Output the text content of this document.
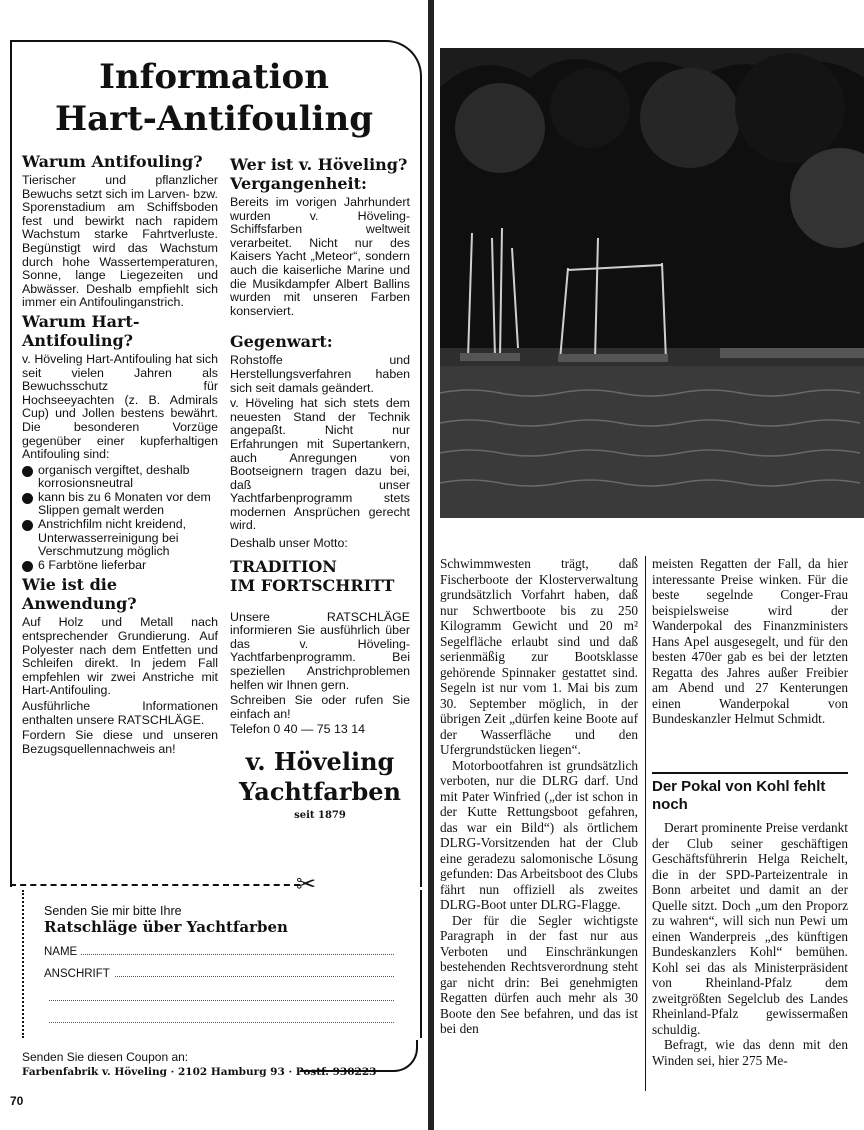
Information
Hart-Antifouling
Warum Antifouling?
Tierischer und pflanzlicher Bewuchs setzt sich im Larven- bzw. Sporenstadium am Schiffsboden fest und bewirkt nach rapidem Wachstum starke Fahrtverluste. Begünstigt wird das Wachstum durch hohe Wassertemperaturen, Sonne, lange Liegezeiten und Abwässer. Deshalb empfiehlt sich immer ein Antifoulinganstrich.
Warum Hart-Antifouling?
v. Höveling Hart-Antifouling hat sich seit vielen Jahren als Bewuchsschutz für Hochseeyachten (z. B. Admirals Cup) und Jollen bestens bewährt. Die besonderen Vorzüge gegenüber einer kupferhaltigen Antifouling sind:
organisch vergiftet, deshalb korrosionsneutral
kann bis zu 6 Monaten vor dem Slippen gemalt werden
Anstrichfilm nicht kreidend, Unterwasserreinigung bei Verschmutzung möglich
6 Farbtöne lieferbar
Wie ist die Anwendung?
Auf Holz und Metall nach entsprechender Grundierung. Auf Polyester nach dem Entfetten und Schleifen direkt. In jedem Fall empfehlen wir zwei Anstriche mit Hart-Antifouling.
Ausführliche Informationen enthalten unsere RATSCHLÄGE.
Fordern Sie diese und unseren Bezugsquellennachweis an!
Wer ist v. Höveling? Vergangenheit:
Bereits im vorigen Jahrhundert wurden v. Höveling-Schiffsfarben weltweit verarbeitet. Nicht nur des Kaisers Yacht „Meteor“, sondern auch die kaiserliche Marine und die Musikdampfer Albert Ballins wurden mit unseren Farben konserviert.
Gegenwart:
Rohstoffe und Herstellungsverfahren haben sich seit damals geändert.
v. Höveling hat sich stets dem neuesten Stand der Technik angepaßt. Nicht nur Erfahrungen mit Supertankern, auch Anregungen von Bootseignern tragen dazu bei, daß unser Yachtfarbenprogramm stets modernen Ansprüchen gerecht wird.
Deshalb unser Motto:
TRADITION
IM FORTSCHRITT
Unsere RATSCHLÄGE informieren Sie ausführlich über das v. Höveling-Yachtfarbenprogramm. Bei speziellen Anstrichproblemen helfen wir Ihnen gern.
Schreiben Sie oder rufen Sie einfach an!
Telefon 0 40 — 75 13 14
v. Höveling
Yachtfarben
seit 1879
✂
Senden Sie mir bitte Ihre
Ratschläge über Yachtfarben
NAME
ANSCHRIFT
Senden Sie diesen Coupon an:
Farbenfabrik v. Höveling · 2102 Hamburg 93 · Postf. 930223
70

Schwimmwesten trägt, daß Fischerboote der Klosterverwaltung grundsätzlich Vorfahrt haben, daß nur Schwertboote bis zu 250 Kilogramm Gewicht und 20 m² Segelfläche erlaubt sind und daß serienmäßig zur Bootsklasse gehörende Spinnaker gestattet sind. Segeln ist nur vom 1. Mai bis zum 30. September möglich, in der übrigen Zeit „dürfen keine Boote auf der Wasserfläche und den Ufergrundstücken liegen“.

Motorbootfahren ist grundsätzlich verboten, nur die DLRG darf. Und mit Pater Winfried („der ist schon in der Kutte Rettungsboot gefahren, das war ein Bild“) als örtlichem DLRG-Vorsitzenden hat der Club eine geradezu salomonische Lösung gefunden: Das Arbeitsboot des Clubs fährt nun offiziell als zweites DLRG-Boot unter DLRG-Flagge.

Der für die Segler wichtigste Paragraph in der fast nur aus Verboten und Einschränkungen bestehenden Rechtsverordnung steht gar nicht drin: Bei genehmigten Regatten dürfen auch mehr als 30 Boote den See befahren, und das ist bei den

meisten Regatten der Fall, da hier interessante Preise winken. Für die beste segelnde Conger-Frau beispielsweise wird der Wanderpokal des Finanzministers Hans Apel ausgesegelt, und für den besten 470er gab es bei der letzten Regatta des Jahres außer Freibier am Abend und 27 Kenterungen einen Wanderpokal von Bundeskanzler Helmut Schmidt.

Der Pokal von Kohl fehlt noch

Derart prominente Preise verdankt der Club seiner geschäftigen Geschäftsführerin Helga Reichelt, die in der SPD-Parteizentrale in Bonn arbeitet und damit an der Quelle sitzt. Doch „um den Proporz zu wahren“, will sich nun Pewi um einen Wanderpreis „des künftigen Bundeskanzlers Kohl“ bemühen. Kohl sei das als Ministerpräsident von Rheinland-Pfalz dem zweitgrößten Segelclub des Landes Rheinland-Pfalz gewissermaßen schuldig.

Befragt, wie das denn mit den Winden sei, hier 275 Me-
